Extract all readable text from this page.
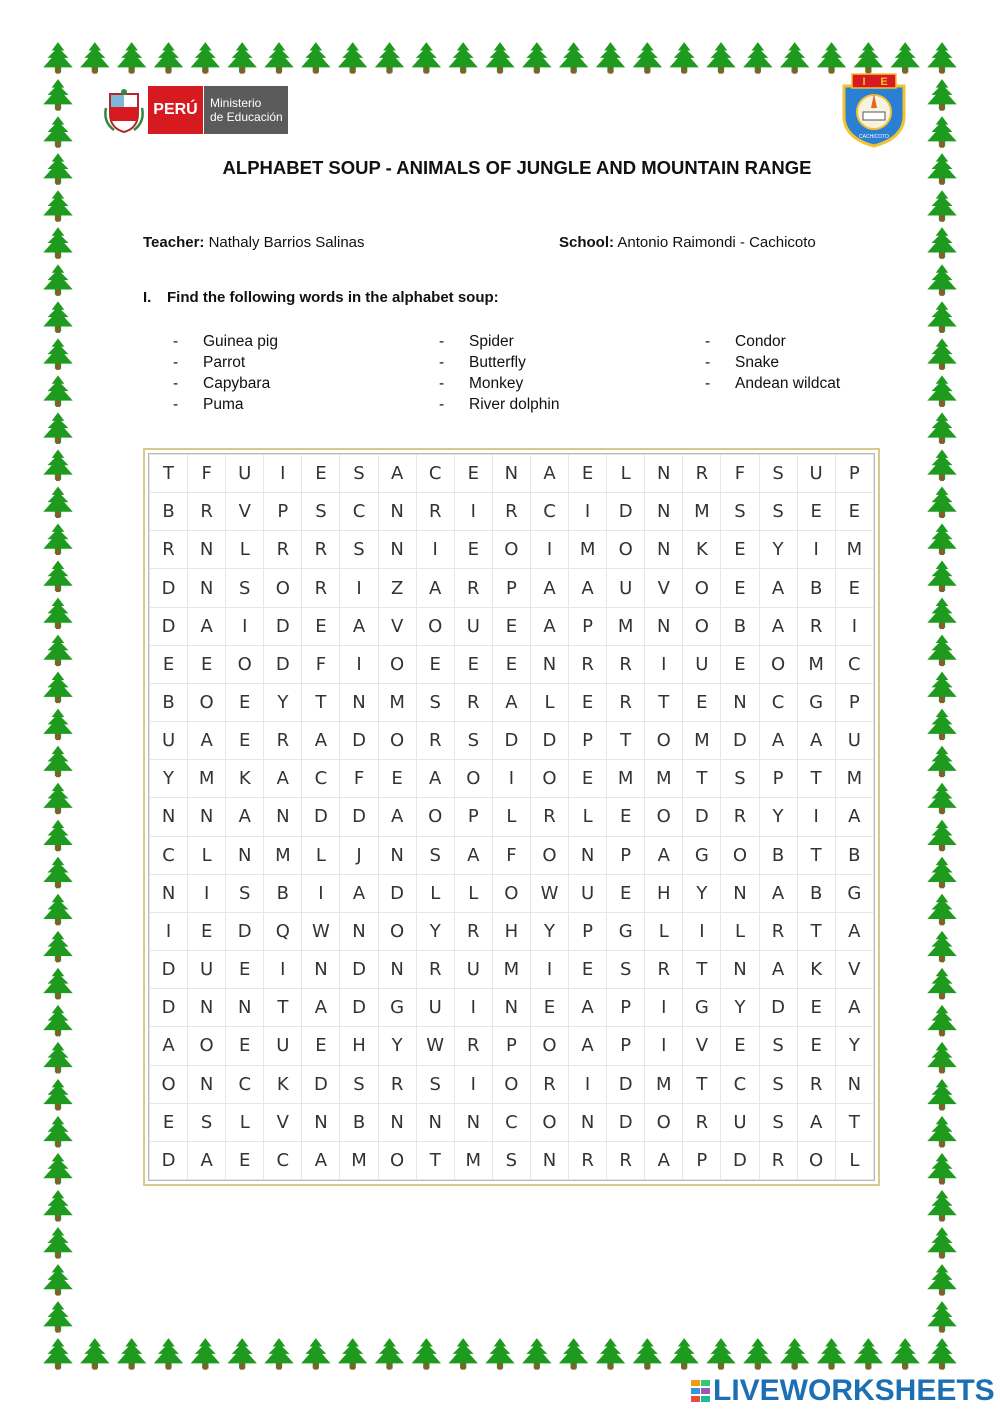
PERÚ	Ministerio
de Educación
I E
CACHICOTO
ALPHABET SOUP - ANIMALS OF JUNGLE AND MOUNTAIN RANGE
Teacher: Nathaly Barrios Salinas	School: Antonio Raimondi - Cachicoto
I. Find the following words in the alphabet soup:
- Guinea pig
- Parrot
- Capybara
- Puma
- Spider
- Butterfly
- Monkey
- River dolphin
- Condor
- Snake
- Andean wildcat
T	F	U	I	E	S	A	C	E	N	A	E	L	N	R	F	S	U	P
B	R	V	P	S	C	N	R	I	R	C	I	D	N	M	S	S	E	E
R	N	L	R	R	S	N	I	E	O	I	M	O	N	K	E	Y	I	M
D	N	S	O	R	I	Z	A	R	P	A	A	U	V	O	E	A	B	E
D	A	I	D	E	A	V	O	U	E	A	P	M	N	O	B	A	R	I
E	E	O	D	F	I	O	E	E	E	N	R	R	I	U	E	O	M	C
B	O	E	Y	T	N	M	S	R	A	L	E	R	T	E	N	C	G	P
U	A	E	R	A	D	O	R	S	D	D	P	T	O	M	D	A	A	U
Y	M	K	A	C	F	E	A	O	I	O	E	M	M	T	S	P	T	M
N	N	A	N	D	D	A	O	P	L	R	L	E	O	D	R	Y	I	A
C	L	N	M	L	J	N	S	A	F	O	N	P	A	G	O	B	T	B
N	I	S	B	I	A	D	L	L	O	W	U	E	H	Y	N	A	B	G
I	E	D	Q	W	N	O	Y	R	H	Y	P	G	L	I	L	R	T	A
D	U	E	I	N	D	N	R	U	M	I	E	S	R	T	N	A	K	V
D	N	N	T	A	D	G	U	I	N	E	A	P	I	G	Y	D	E	A
A	O	E	U	E	H	Y	W	R	P	O	A	P	I	V	E	S	E	Y
O	N	C	K	D	S	R	S	I	O	R	I	D	M	T	C	S	R	N
E	S	L	V	N	B	N	N	N	C	O	N	D	O	R	U	S	A	T
D	A	E	C	A	M	O	T	M	S	N	R	R	A	P	D	R	O	L
LIVEWORKSHEETS
